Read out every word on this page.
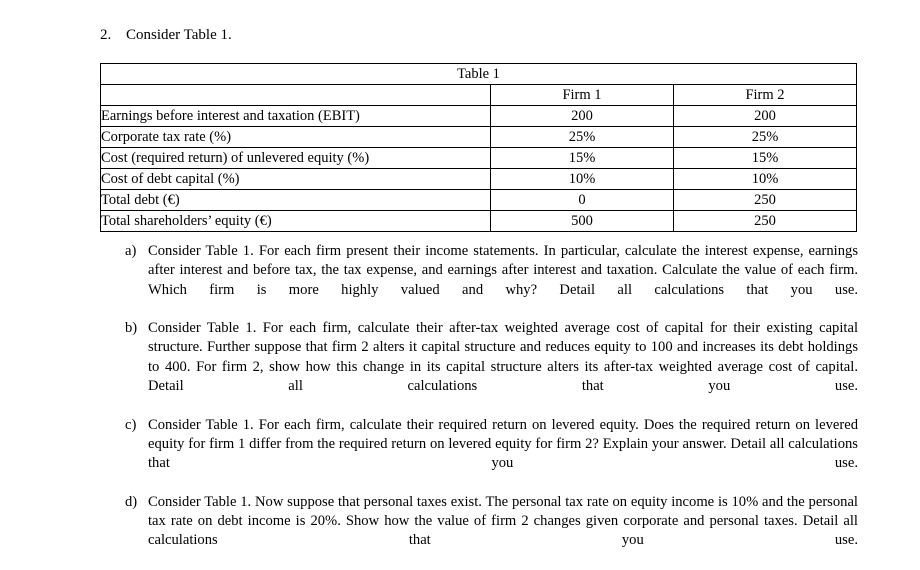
2. Consider Table 1.
Table 1		
	Firm 1	Firm 2
Earnings before interest and taxation (EBIT)	200	200
Corporate tax rate (%)	25%	25%
Cost (required return) of unlevered equity (%)	15%	15%
Cost of debt capital (%)	10%	10%
Total debt (€)	0	250
Total shareholders’ equity (€)	500	250
a) Consider Table 1. For each firm present their income statements. In particular, calculate the interest expense, earnings after interest and before tax, the tax expense, and earnings after interest and taxation. Calculate the value of each firm. Which firm is more highly valued and why? Detail all calculations that you use.
b) Consider Table 1. For each firm, calculate their after-tax weighted average cost of capital for their existing capital structure. Further suppose that firm 2 alters it capital structure and reduces equity to 100 and increases its debt holdings to 400. For firm 2, show how this change in its capital structure alters its after-tax weighted average cost of capital. Detail all calculations that you use.
c) Consider Table 1. For each firm, calculate their required return on levered equity. Does the required return on levered equity for firm 1 differ from the required return on levered equity for firm 2? Explain your answer. Detail all calculations that you use.
d) Consider Table 1. Now suppose that personal taxes exist. The personal tax rate on equity income is 10% and the personal tax rate on debt income is 20%. Show how the value of firm 2 changes given corporate and personal taxes. Detail all calculations that you use.
